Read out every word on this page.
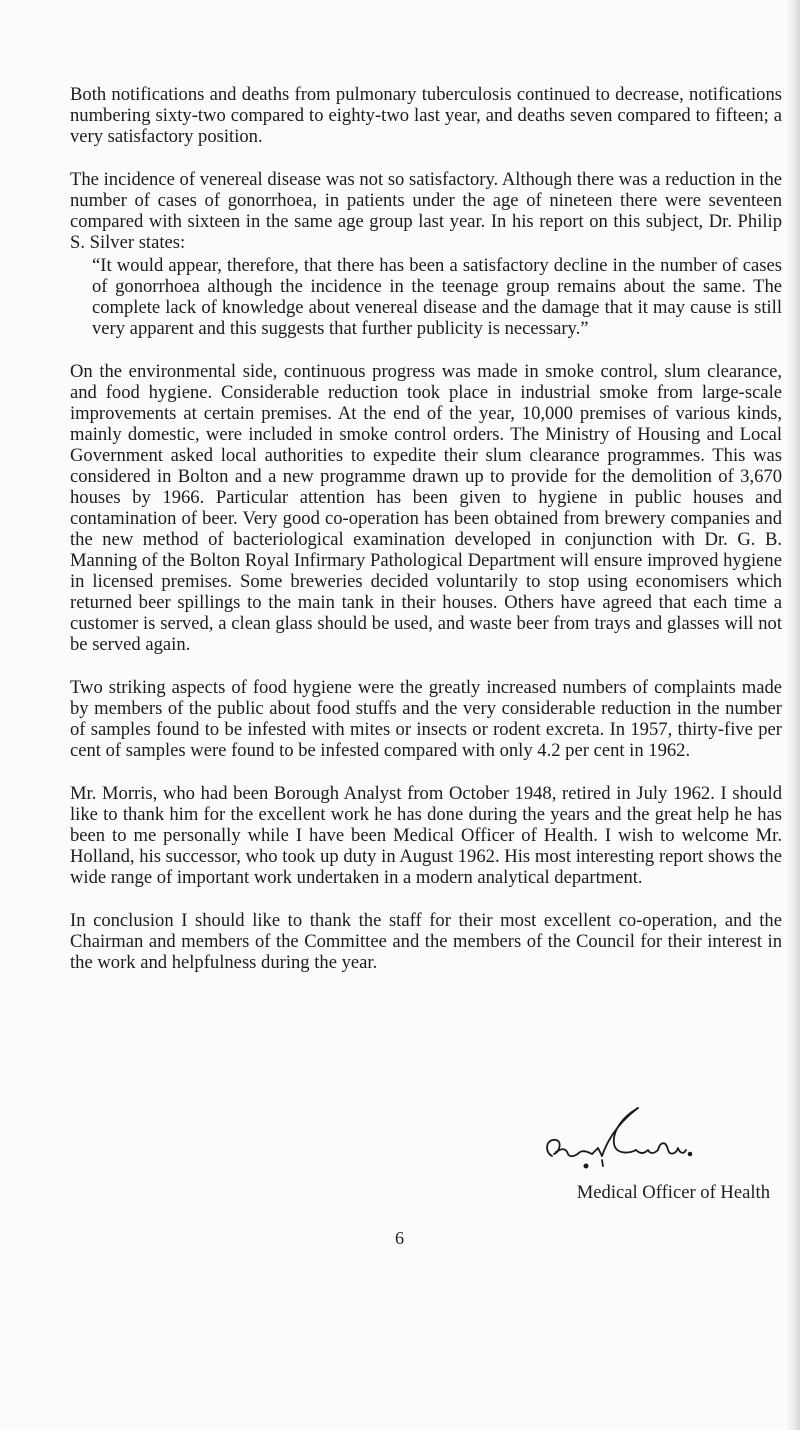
Both notifications and deaths from pulmonary tuberculosis continued to decrease, notifications numbering sixty-two compared to eighty-two last year, and deaths seven compared to fifteen; a very satisfactory position.

The incidence of venereal disease was not so satisfactory. Although there was a reduction in the number of cases of gonorrhoea, in patients under the age of nineteen there were seventeen compared with sixteen in the same age group last year. In his report on this subject, Dr. Philip S. Silver states:

“It would appear, therefore, that there has been a satisfactory decline in the number of cases of gonorrhoea although the incidence in the teenage group remains about the same. The complete lack of knowledge about venereal disease and the damage that it may cause is still very apparent and this suggests that further publicity is necessary.”

On the environmental side, continuous progress was made in smoke control, slum clearance, and food hygiene. Considerable reduction took place in industrial smoke from large-scale improvements at certain premises. At the end of the year, 10,000 premises of various kinds, mainly domestic, were included in smoke control orders. The Ministry of Housing and Local Government asked local authorities to expedite their slum clearance programmes. This was considered in Bolton and a new programme drawn up to provide for the demolition of 3,670 houses by 1966. Particular attention has been given to hygiene in public houses and contamination of beer. Very good co-operation has been obtained from brewery companies and the new method of bacteriological examination developed in conjunction with Dr. G. B. Manning of the Bolton Royal Infirmary Pathological Department will ensure improved hygiene in licensed premises. Some breweries decided voluntarily to stop using economisers which returned beer spillings to the main tank in their houses. Others have agreed that each time a customer is served, a clean glass should be used, and waste beer from trays and glasses will not be served again.

Two striking aspects of food hygiene were the greatly increased numbers of complaints made by members of the public about food stuffs and the very considerable reduction in the number of samples found to be infested with mites or insects or rodent excreta. In 1957, thirty-five per cent of samples were found to be infested compared with only 4.2 per cent in 1962.

Mr. Morris, who had been Borough Analyst from October 1948, retired in July 1962. I should like to thank him for the excellent work he has done during the years and the great help he has been to me personally while I have been Medical Officer of Health. I wish to welcome Mr. Holland, his successor, who took up duty in August 1962. His most interesting report shows the wide range of important work undertaken in a modern analytical department.

In conclusion I should like to thank the staff for their most excellent co-operation, and the Chairman and members of the Committee and the members of the Council for their interest in the work and helpfulness during the year.

Medical Officer of Health
6
